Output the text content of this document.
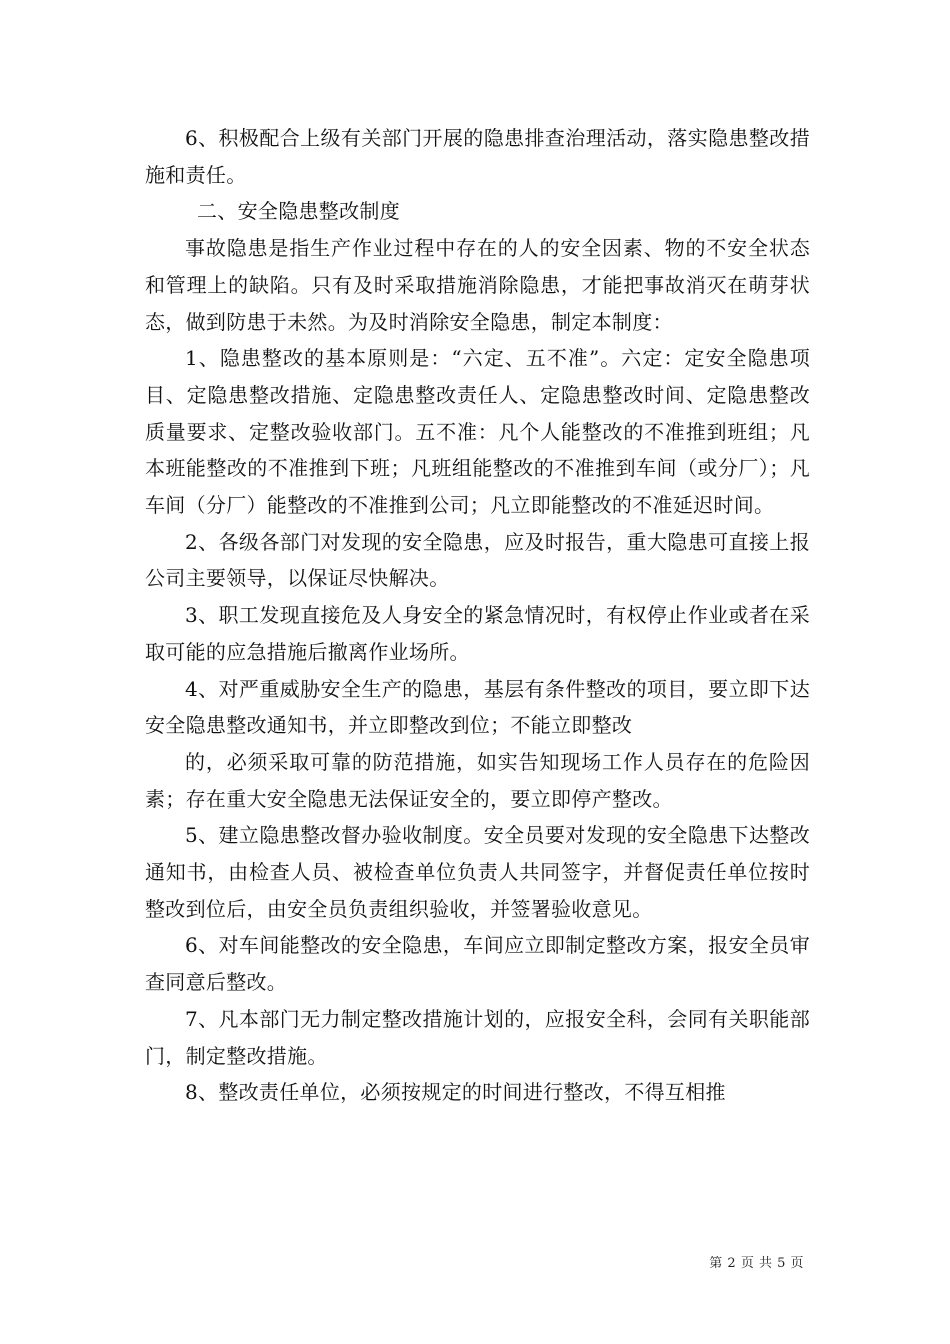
6、积极配合上级有关部门开展的隐患排查治理活动，落实隐患整改措施和责任。

二、安全隐患整改制度

事故隐患是指生产作业过程中存在的人的安全因素、物的不安全状态和管理上的缺陷。只有及时采取措施消除隐患，才能把事故消灭在萌芽状态，做到防患于未然。为及时消除安全隐患，制定本制度：

1、隐患整改的基本原则是：“六定、五不准”。六定：定安全隐患项目、定隐患整改措施、定隐患整改责任人、定隐患整改时间、定隐患整改质量要求、定整改验收部门。五不准：凡个人能整改的不准推到班组；凡本班能整改的不准推到下班；凡班组能整改的不准推到车间（或分厂）；凡车间（分厂）能整改的不准推到公司；凡立即能整改的不准延迟时间。

2、各级各部门对发现的安全隐患，应及时报告，重大隐患可直接上报公司主要领导，以保证尽快解决。

3、职工发现直接危及人身安全的紧急情况时，有权停止作业或者在采取可能的应急措施后撤离作业场所。

4、对严重威胁安全生产的隐患，基层有条件整改的项目，要立即下达安全隐患整改通知书，并立即整改到位；不能立即整改

的，必须采取可靠的防范措施，如实告知现场工作人员存在的危险因素；存在重大安全隐患无法保证安全的，要立即停产整改。

5、建立隐患整改督办验收制度。安全员要对发现的安全隐患下达整改通知书，由检查人员、被检查单位负责人共同签字，并督促责任单位按时整改到位后，由安全员负责组织验收，并签署验收意见。

6、对车间能整改的安全隐患，车间应立即制定整改方案，报安全员审查同意后整改。

7、凡本部门无力制定整改措施计划的，应报安全科，会同有关职能部门，制定整改措施。

8、整改责任单位，必须按规定的时间进行整改，不得互相推

第 2 页 共 5 页
